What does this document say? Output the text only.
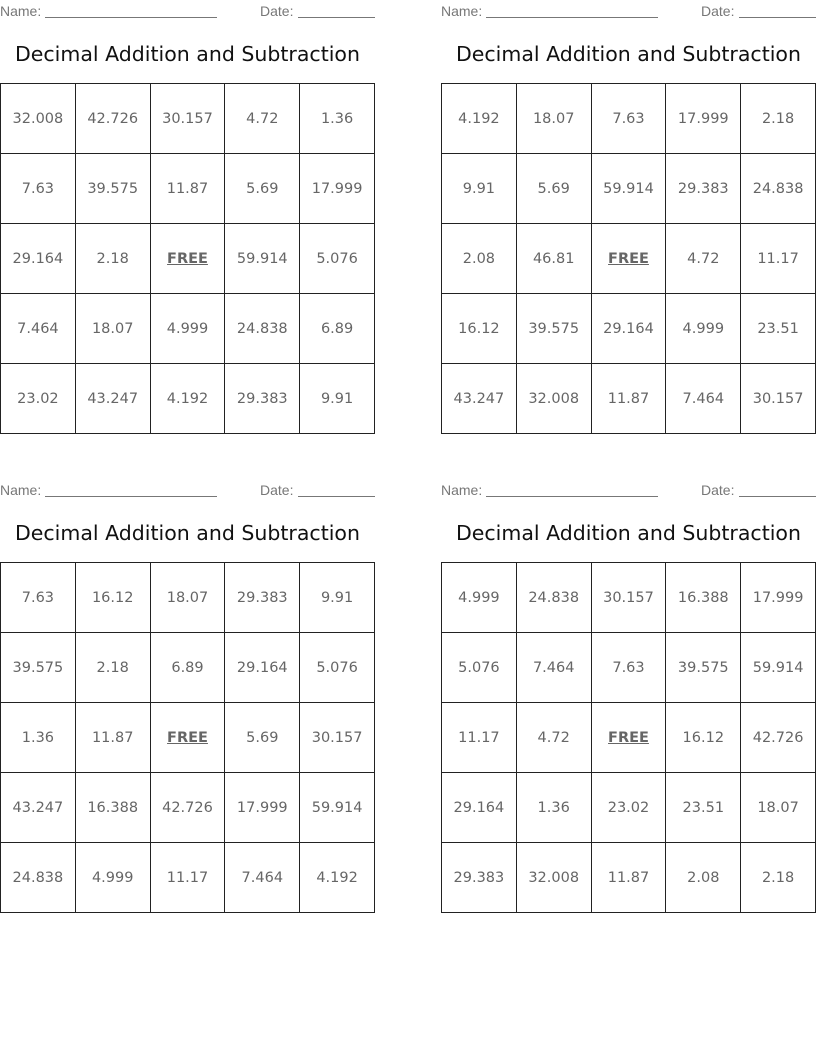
Name:	Date:
Decimal Addition and Subtraction
32.008	42.726	30.157	4.72	1.36
7.63	39.575	11.87	5.69	17.999
29.164	2.18	FREE	59.914	5.076
7.464	18.07	4.999	24.838	6.89
23.02	43.247	4.192	29.383	9.91
Name:	Date:
Decimal Addition and Subtraction
4.192	18.07	7.63	17.999	2.18
9.91	5.69	59.914	29.383	24.838
2.08	46.81	FREE	4.72	11.17
16.12	39.575	29.164	4.999	23.51
43.247	32.008	11.87	7.464	30.157
Name:	Date:
Decimal Addition and Subtraction
7.63	16.12	18.07	29.383	9.91
39.575	2.18	6.89	29.164	5.076
1.36	11.87	FREE	5.69	30.157
43.247	16.388	42.726	17.999	59.914
24.838	4.999	11.17	7.464	4.192
Name:	Date:
Decimal Addition and Subtraction
4.999	24.838	30.157	16.388	17.999
5.076	7.464	7.63	39.575	59.914
11.17	4.72	FREE	16.12	42.726
29.164	1.36	23.02	23.51	18.07
29.383	32.008	11.87	2.08	2.18
